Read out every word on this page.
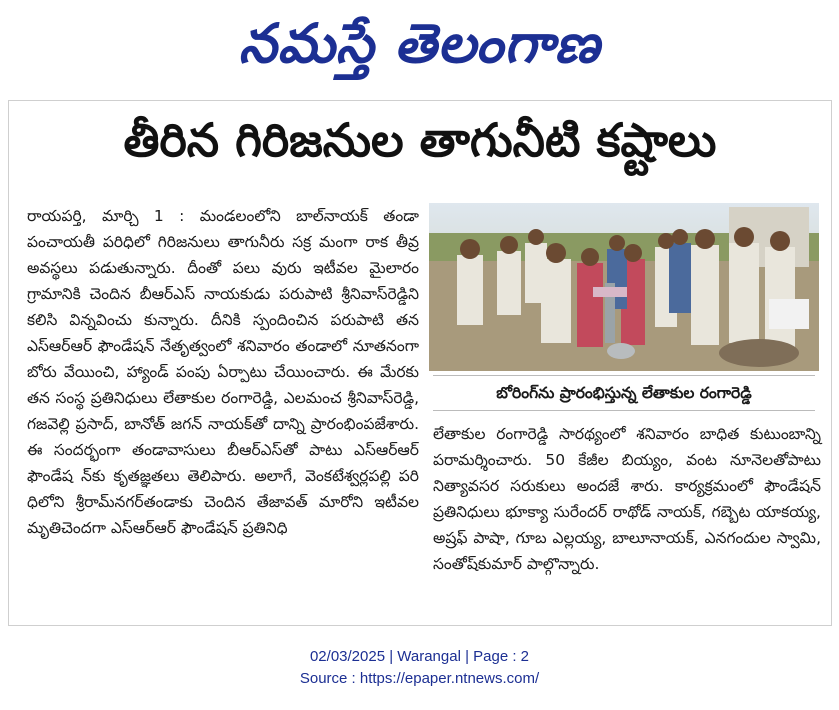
నమస్తే తెలంగాణ
తీరిన గిరిజనుల తాగునీటి కష్టాలు

రాయపర్తి, మార్చి 1 : మండలంలోని బాల్‌నాయక్ తండా పంచాయతీ పరిధిలో గిరిజనులు తాగునీరు సక్ర మంగా రాక తీవ్ర అవస్థలు పడుతున్నారు. దీంతో పలు వురు ఇటీవల మైలారం గ్రామానికి చెందిన బీఆర్‌ఎస్ నాయకుడు పరుపాటి శ్రీనివాస్‌రెడ్డిని కలిసి విన్నవించు కున్నారు. దీనికి స్పందించిన పరుపాటి తన ఎస్‌ఆర్‌ఆర్ ఫౌండేషన్ నేతృత్వంలో శనివారం తండాలో నూతనంగా బోరు వేయించి, హ్యాండ్ పంపు ఏర్పాటు చేయించారు. ఈ మేరకు తన సంస్థ ప్రతినిధులు లేతాకుల రంగారెడ్డి, ఎలమంచ శ్రీనివాస్‌రెడ్డి, గజవెల్లి ప్రసాద్, బానోత్ జగన్ నాయక్‌తో దాన్ని ప్రారంభింపజేశారు. ఈ సందర్భంగా తండావాసులు బీఆర్‌ఎస్‌తో పాటు ఎస్‌ఆర్‌ఆర్ ఫౌండేష న్‌కు కృతజ్ఞతలు తెలిపారు. అలాగే, వెంకటేశ్వర్లపల్లి పరి ధిలోని శ్రీరామ్‌నగర్‌తండాకు చెందిన తేజావత్ మారోని ఇటీవల మృతిచెందగా ఎస్‌ఆర్‌ఆర్ ఫౌండేషన్ ప్రతినిధి

బోరింగ్‌ను ప్రారంభిస్తున్న లేతాకుల రంగారెడ్డి

లేతాకుల రంగారెడ్డి సారథ్యంలో శనివారం బాధిత కుటుంబాన్ని పరామర్శించారు. 50 కేజీల బియ్యం, వంట నూనెలతోపాటు నిత్యావసర సరుకులు అందజే శారు. కార్యక్రమంలో ఫౌండేషన్ ప్రతినిధులు భూక్యా సురేందర్ రాథోడ్ నాయక్, గబ్బెట యాకయ్య, అష్రఫ్ పాషా, గూబ ఎల్లయ్య, బాలూనాయక్, ఎనగందుల స్వామి, సంతోష్‌కుమార్ పాల్గొన్నారు.

02/03/2025 | Warangal | Page : 2
Source : https://epaper.ntnews.com/
